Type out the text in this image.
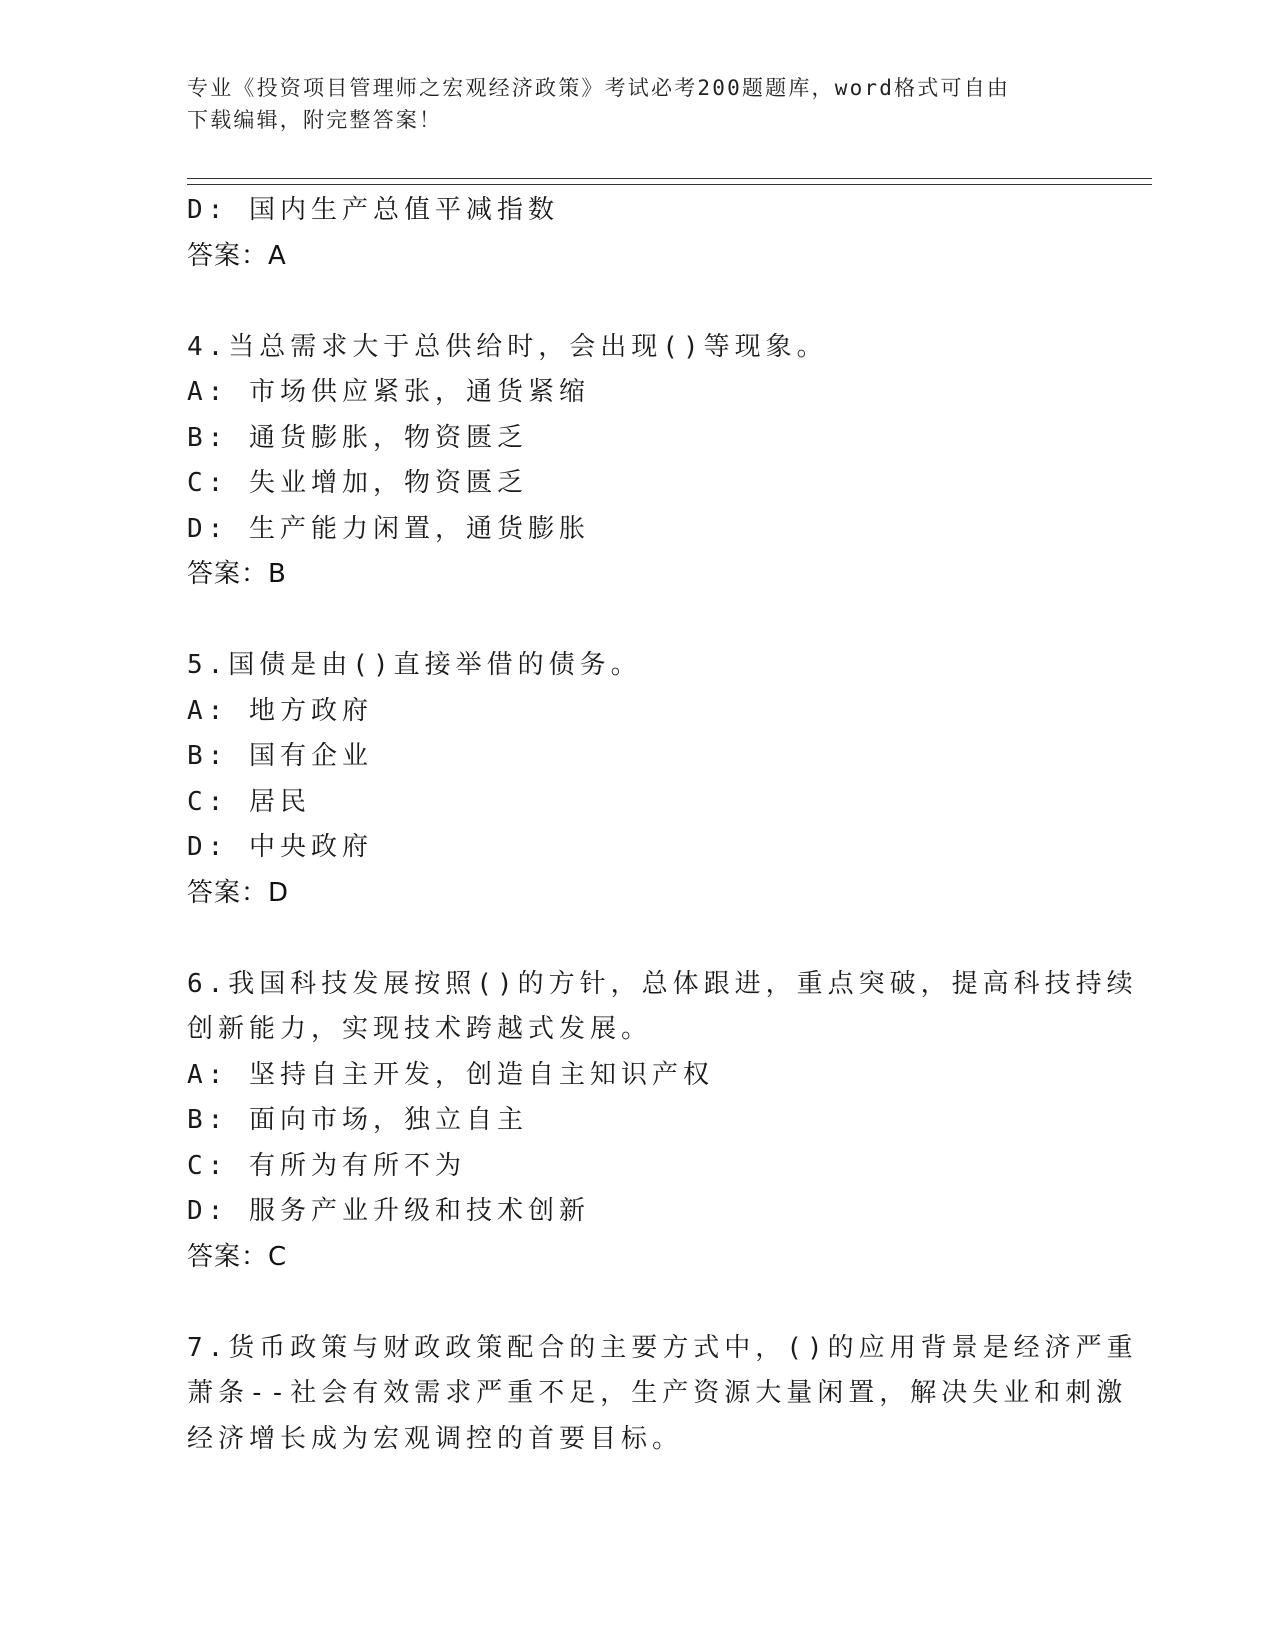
专业《投资项目管理师之宏观经济政策》考试必考200题题库，word格式可自由
下载编辑，附完整答案！
D: 国内生产总值平减指数
答案：A
4.当总需求大于总供给时，会出现()等现象。
A: 市场供应紧张，通货紧缩
B: 通货膨胀，物资匮乏
C: 失业增加，物资匮乏
D: 生产能力闲置，通货膨胀
答案：B
5.国债是由()直接举借的债务。
A: 地方政府
B: 国有企业
C: 居民
D: 中央政府
答案：D
6.我国科技发展按照()的方针，总体跟进，重点突破，提高科技持续
创新能力，实现技术跨越式发展。
A: 坚持自主开发，创造自主知识产权
B: 面向市场，独立自主
C: 有所为有所不为
D: 服务产业升级和技术创新
答案：C
7.货币政策与财政政策配合的主要方式中，()的应用背景是经济严重
萧条--社会有效需求严重不足，生产资源大量闲置，解决失业和刺激
经济增长成为宏观调控的首要目标。
